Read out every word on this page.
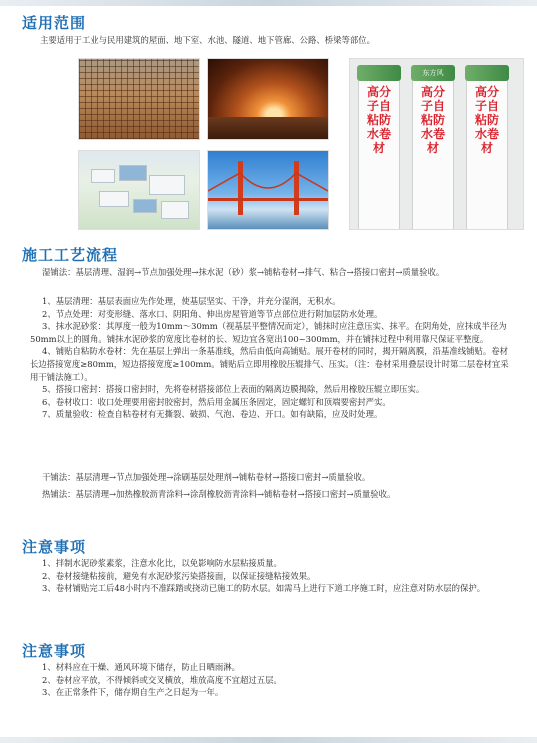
适用范围
主要适用于工业与民用建筑的屋面、地下室、水池、隧道、地下管廊、公路、桥梁等部位。
高分子自粘防水卷材
东方风
高分子自粘防水卷材
高分子自粘防水卷材
施工工艺流程
湿铺法：基层清理、湿润→节点加强处理→抹水泥（砂）浆→铺粘卷材→排气、粘合→搭接口密封→质量验收。
1、基层清理：基层表面应先作处理，使基层坚实、干净，并充分湿润，无积水。
2、节点处理：对变形缝、落水口、阴阳角、伸出房屋管道等节点部位进行附加层防水处理。
3、抹水泥砂浆：其厚度一般为10mm～30mm（视基层平整情况而定），铺抹时应注意压实、抹平。在阴角处，应抹成半径为50mm以上的圆角。铺抹水泥砂浆的宽度比卷材的长、短边宜各宽出100~300mm，并在铺抹过程中利用靠尺保证平整度。
4、铺贴自粘防水卷材：先在基层上弹出一条基准线，然后由低向高铺贴。展开卷材的同时，揭开隔离膜，沿基准线铺贴。卷材长边搭接宽度≥80mm，短边搭接宽度≥100mm。铺贴后立即用橡胶压辊排气、压实。（注：卷材采用叠层设计时第二层卷材宜采用干铺法施工）。
5、搭接口密封：搭接口密封时，先将卷材搭接部位上表面的隔离边膜揭除，然后用橡胶压辊立即压实。
6、卷材收口：收口处理要用密封胶密封，然后用金属压条固定，固定螺钉和顶端要密封严实。
7、质量验收：检查自粘卷材有无撕裂、破损、气泡、卷边、开口。如有缺陷，应及时处理。
干铺法：基层清理→节点加强处理→涂刷基层处理剂→铺粘卷材→搭接口密封→质量验收。
热铺法：基层清理→加热橡胶沥青涂料→涂刮橡胶沥青涂料→铺粘卷材→搭接口密封→质量验收。
注意事项
1、拌制水泥砂浆素浆，注意水化比，以免影响防水层粘接质量。
2、卷材接缝粘接前，避免有水泥砂浆污染搭接面，以保证接缝粘接效果。
3、卷材铺贴完工后48小时内不准踩踏或挠动已施工的防水层。如需马上进行下道工序施工时，应注意对防水层的保护。
注意事项
1、材料应在干燥、通风环境下储存，防止日晒雨淋。
2、卷材应平放，不得倾斜或交叉横放，堆放高度不宜超过五层。
3、在正常条件下，储存期自生产之日起为一年。
